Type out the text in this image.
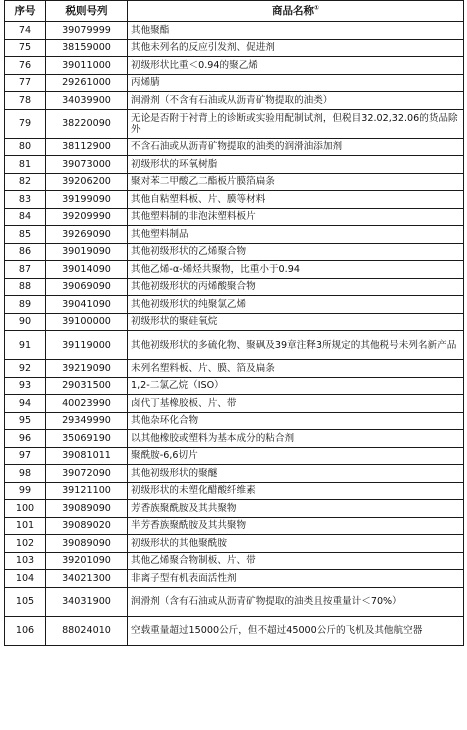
序号	税则号列	商品名称①
74	39079999	其他聚酯
75	38159000	其他未列名的反应引发剂、促进剂
76	39011000	初级形状比重＜0.94的聚乙烯
77	29261000	丙烯腈
78	34039900	润滑剂（不含有石油或从沥青矿物提取的油类）
79	38220090	无论是否附于衬背上的诊断或实验用配制试剂，但税目32.02,32.06的货品除外
80	38112900	不含石油或从沥青矿物提取的油类的润滑油添加剂
81	39073000	初级形状的环氧树脂
82	39206200	聚对苯二甲酸乙二酯板片膜箔扁条
83	39199090	其他自粘塑料板、片、膜等材料
84	39209990	其他塑料制的非泡沫塑料板片
85	39269090	其他塑料制品
86	39019090	其他初级形状的乙烯聚合物
87	39014090	其他乙烯-α-烯烃共聚物，比重小于0.94
88	39069090	其他初级形状的丙烯酸聚合物
89	39041090	其他初级形状的纯聚氯乙烯
90	39100000	初级形状的聚硅氧烷
91	39119000	其他初级形状的多硫化物、聚砜及39章注释3所规定的其他税号未列名新产品
92	39219090	未列名塑料板、片、膜、箔及扁条
93	29031500	1,2-二氯乙烷（ISO）
94	40023990	卤代丁基橡胶板、片、带
95	29349990	其他杂环化合物
96	35069190	以其他橡胶或塑料为基本成分的粘合剂
97	39081011	聚酰胺-6,6切片
98	39072090	其他初级形状的聚醚
99	39121100	初级形状的未塑化醋酸纤维素
100	39089090	芳香族聚酰胺及其共聚物
101	39089020	半芳香族聚酰胺及其共聚物
102	39089090	初级形状的其他聚酰胺
103	39201090	其他乙烯聚合物制板、片、带
104	34021300	非离子型有机表面活性剂
105	34031900	润滑剂（含有石油或从沥青矿物提取的油类且按重量计＜70%）
106	88024010	空载重量超过15000公斤，但不超过45000公斤的飞机及其他航空器
